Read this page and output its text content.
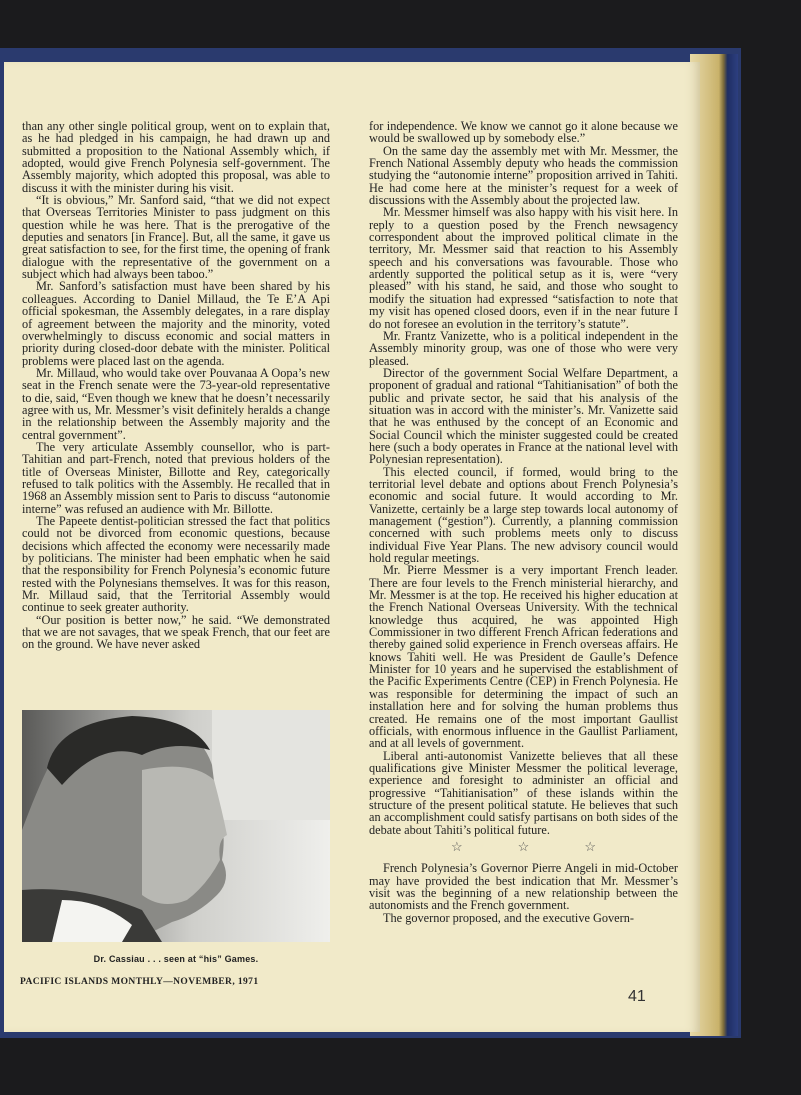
than any other single political group, went on to explain that, as he had pledged in his campaign, he had drawn up and submitted a proposition to the National Assembly which, if adopted, would give French Polynesia self-government. The Assembly majority, which adopted this proposal, was able to discuss it with the minister during his visit.

“It is obvious,” Mr. Sanford said, “that we did not expect that Overseas Territories Minister to pass judgment on this question while he was here. That is the prerogative of the deputies and senators [in France]. But, all the same, it gave us great satisfaction to see, for the first time, the opening of frank dialogue with the representative of the government on a subject which had always been taboo.”

Mr. Sanford’s satisfaction must have been shared by his colleagues. According to Daniel Millaud, the Te E’A Api official spokesman, the Assembly delegates, in a rare display of agreement between the majority and the minority, voted overwhelmingly to discuss economic and social matters in priority during closed-door debate with the minister. Political problems were placed last on the agenda.

Mr. Millaud, who would take over Pouvanaa A Oopa’s new seat in the French senate were the 73-year-old representative to die, said, “Even though we knew that he doesn’t necessarily agree with us, Mr. Messmer’s visit definitely heralds a change in the relationship between the Assembly majority and the central government”.

The very articulate Assembly counsellor, who is part-Tahitian and part-French, noted that previous holders of the title of Overseas Minister, Billotte and Rey, categorically refused to talk politics with the Assembly. He recalled that in 1968 an Assembly mission sent to Paris to discuss “autonomie interne” was refused an audience with Mr. Billotte.

The Papeete dentist-politician stressed the fact that politics could not be divorced from economic questions, because decisions which affected the economy were necessarily made by politicians. The minister had been emphatic when he said that the responsibility for French Polynesia’s economic future rested with the Polynesians themselves. It was for this reason, Mr. Millaud said, that the Territorial Assembly would continue to seek greater authority.

“Our position is better now,” he said. “We demonstrated that we are not savages, that we speak French, that our feet are on the ground. We have never asked

Dr. Cassiau . . . seen at “his” Games.
PACIFIC ISLANDS MONTHLY—NOVEMBER, 1971

for independence. We know we cannot go it alone because we would be swallowed up by somebody else.”

On the same day the assembly met with Mr. Messmer, the French National Assembly deputy who heads the commission studying the “autonomie interne” proposition arrived in Tahiti. He had come here at the minister’s request for a week of discussions with the Assembly about the projected law.

Mr. Messmer himself was also happy with his visit here. In reply to a question posed by the French newsagency correspondent about the improved political climate in the territory, Mr. Messmer said that reaction to his Assembly speech and his conversations was favourable. Those who ardently supported the political setup as it is, were “very pleased” with his stand, he said, and those who sought to modify the situation had expressed “satisfaction to note that my visit has opened closed doors, even if in the near future I do not foresee an evolution in the territory’s statute”.

Mr. Frantz Vanizette, who is a political independent in the Assembly minority group, was one of those who were very pleased.

Director of the government Social Welfare Department, a proponent of gradual and rational “Tahitianisation” of both the public and private sector, he said that his analysis of the situation was in accord with the minister’s. Mr. Vanizette said that he was enthused by the concept of an Economic and Social Council which the minister suggested could be created here (such a body operates in France at the national level with Polynesian representation).

This elected council, if formed, would bring to the territorial level debate and options about French Polynesia’s economic and social future. It would according to Mr. Vanizette, certainly be a large step towards local autonomy of management (“gestion”). Currently, a planning commission concerned with such problems meets only to discuss individual Five Year Plans. The new advisory council would hold regular meetings.

Mr. Pierre Messmer is a very important French leader. There are four levels to the French ministerial hierarchy, and Mr. Messmer is at the top. He received his higher education at the French National Overseas University. With the technical knowledge thus acquired, he was appointed High Commissioner in two different French African federations and thereby gained solid experience in French overseas affairs. He knows Tahiti well. He was President de Gaulle’s Defence Minister for 10 years and he supervised the establishment of the Pacific Experiments Centre (CEP) in French Polynesia. He was responsible for determining the impact of such an installation here and for solving the human problems thus created. He remains one of the most important Gaullist officials, with enormous influence in the Gaullist Parliament, and at all levels of government.

Liberal anti-autonomist Vanizette believes that all these qualifications give Minister Messmer the political leverage, experience and foresight to administer an official and progressive “Tahitianisation” of these islands within the structure of the present political statute. He believes that such an accomplishment could satisfy partisans on both sides of the debate about Tahiti’s political future.

☆	☆	☆

French Polynesia’s Governor Pierre Angeli in mid-October may have provided the best indication that Mr. Messmer’s visit was the beginning of a new relationship between the autonomists and the French government.

The governor proposed, and the executive Govern-

41
